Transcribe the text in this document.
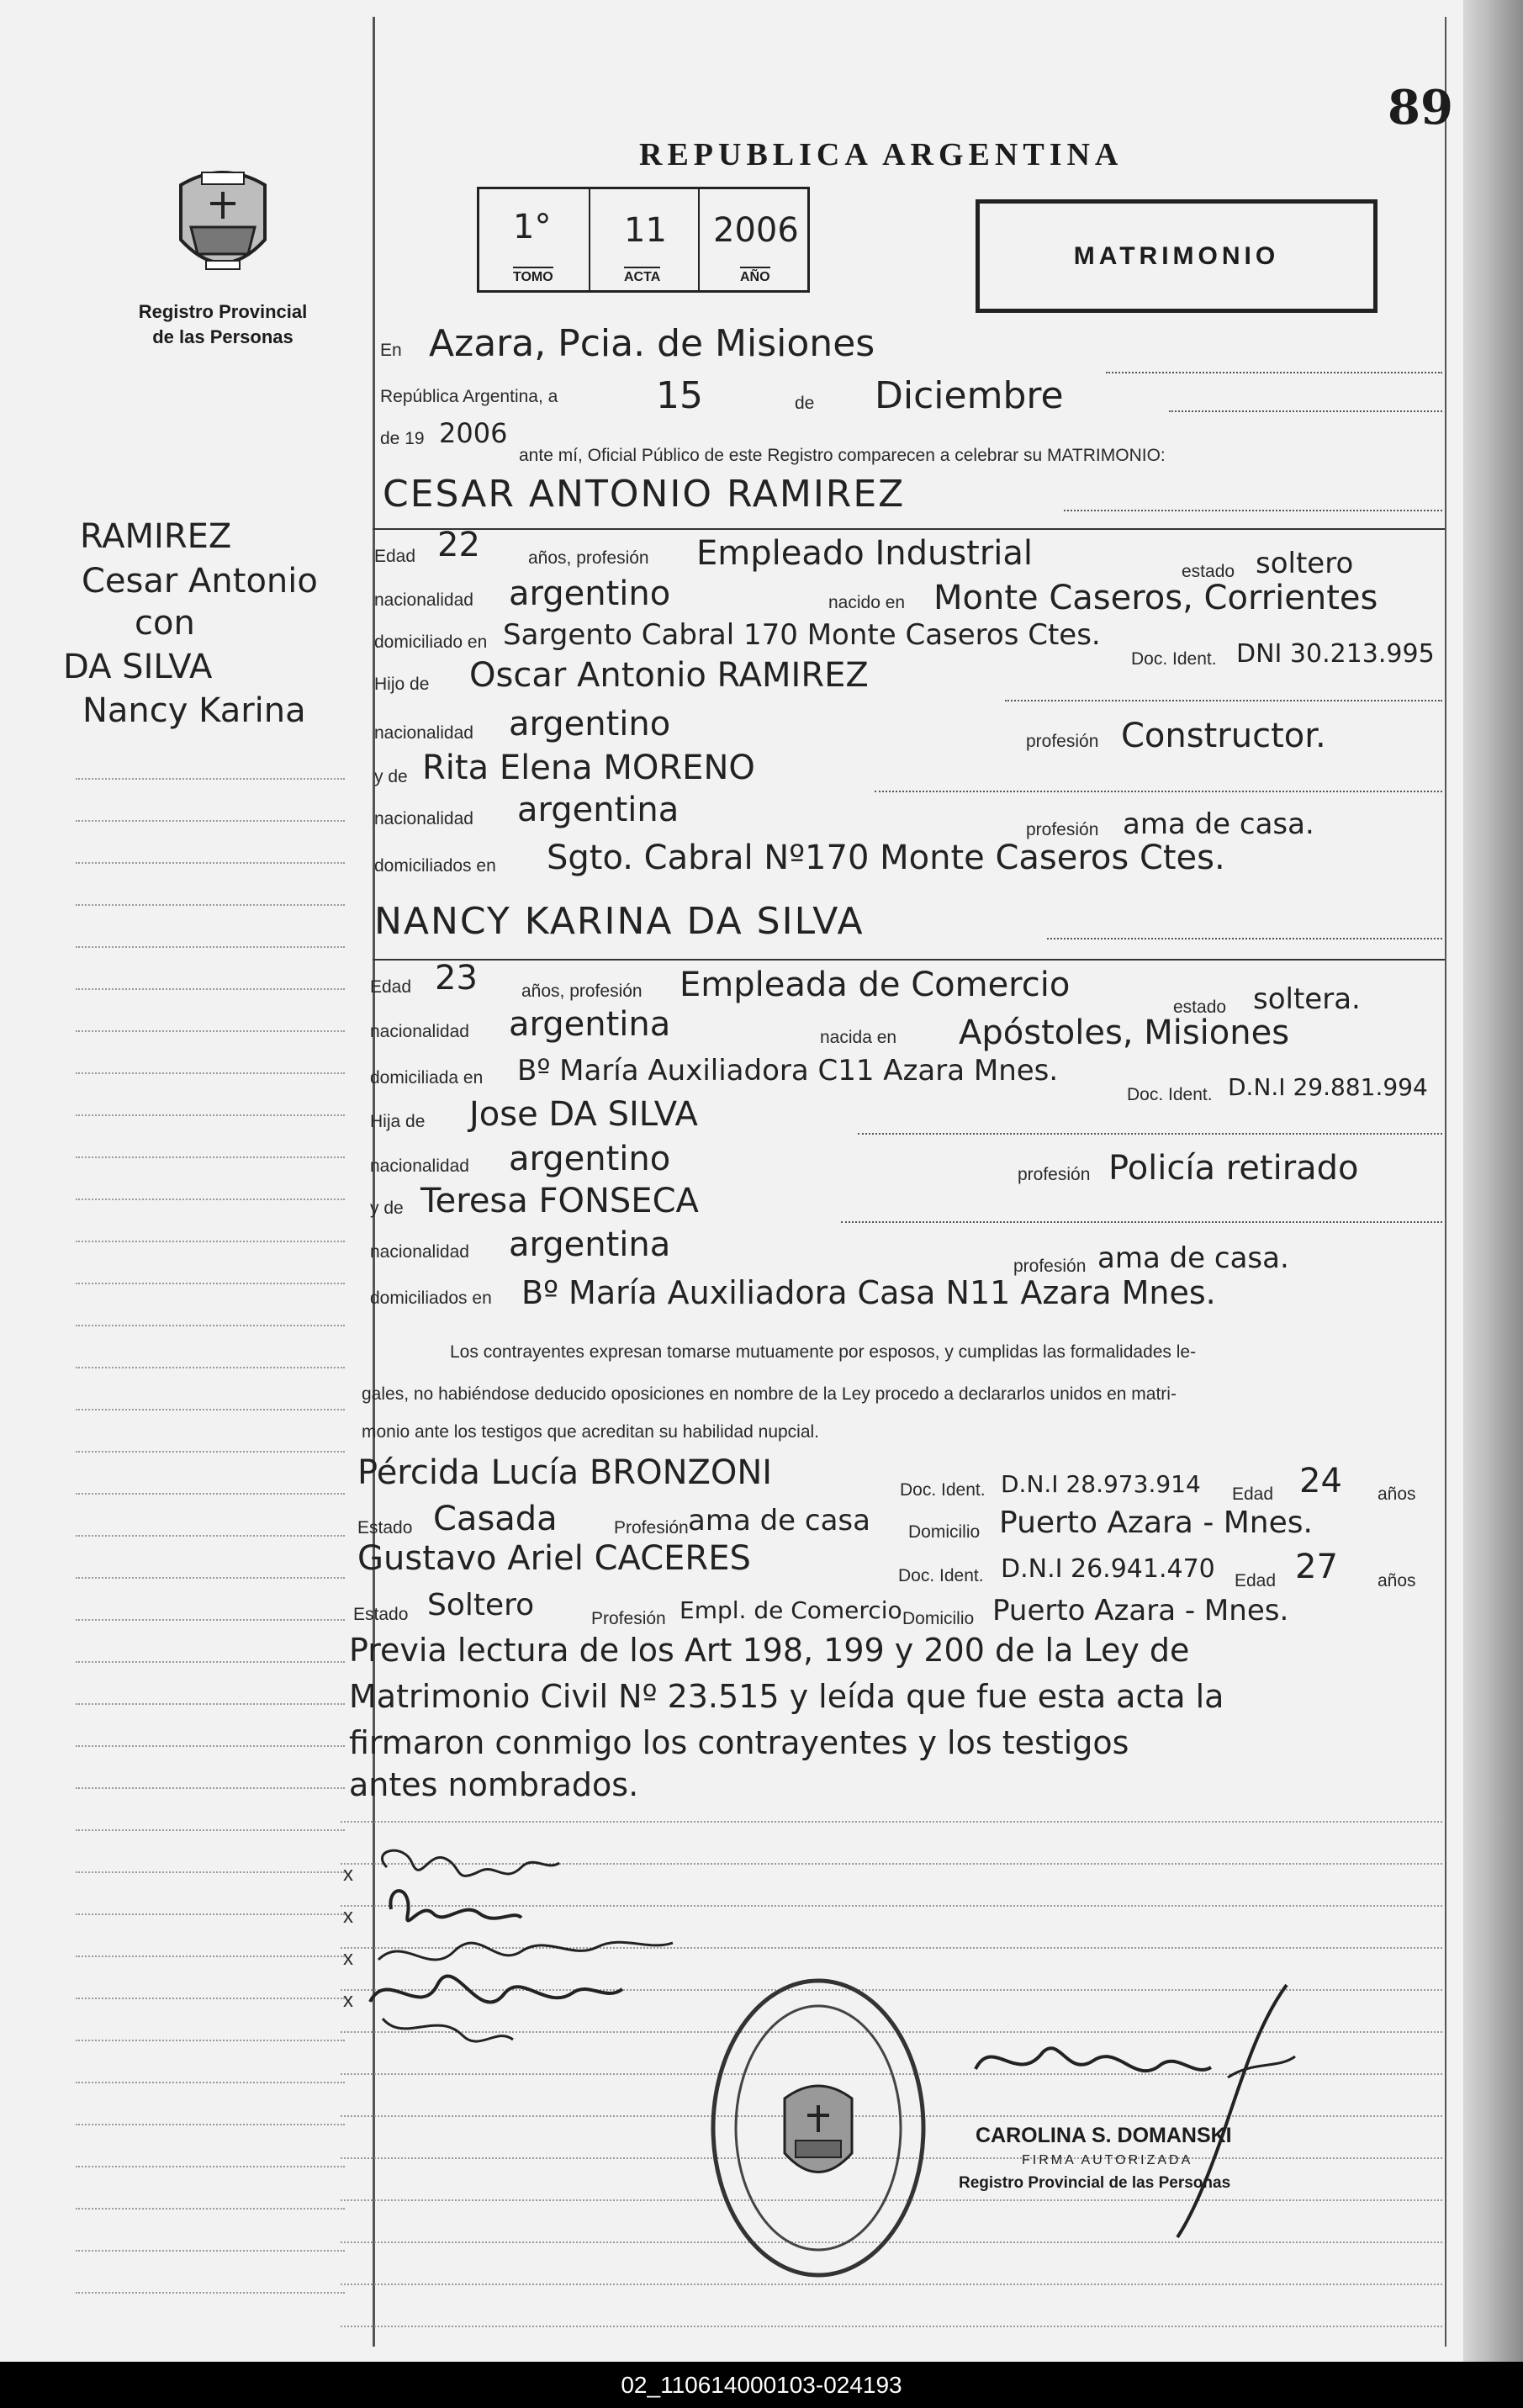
89
REPUBLICA ARGENTINA
Registro Provincial
de las Personas
1°
TOMO
11
ACTA
2006
AÑO
MATRIMONIO
RAMIREZ
Cesar Antonio
con
DA SILVA
Nancy Karina
En Azara, Pcia. de Misiones
República Argentina, a	15	de Diciembre
de 19 2006
ante mí, Oficial Público de este Registro comparecen a celebrar su MATRIMONIO:
CESAR ANTONIO RAMIREZ
Edad 22	años, profesión Empleado Industrial	estado soltero
nacionalidad argentino	nacido en Monte Caseros, Corrientes
domiciliado en Sargento Cabral 170 Monte Caseros Ctes.
Doc. Ident. DNI 30.213.995
Hijo de Oscar Antonio RAMIREZ
nacionalidad argentino	profesión Constructor.
y de Rita Elena MORENO
nacionalidad argentina
profesión ama de casa.
domiciliados en Sgto. Cabral Nº170 Monte Caseros Ctes.
NANCY KARINA DA SILVA
Edad 23 años, profesión Empleada de Comercio
estado soltera.
nacionalidad argentina	nacida en Apóstoles, Misiones
domiciliada en Bº María Auxiliadora C11 Azara Mnes.
Doc. Ident. D.N.I 29.881.994
Hija de Jose DA SILVA
nacionalidad argentino	profesión Policía retirado
y de Teresa FONSECA
nacionalidad argentina
profesión ama de casa.
domiciliados en Bº María Auxiliadora Casa N11 Azara Mnes.
Los contrayentes expresan tomarse mutuamente por esposos, y cumplidas las formalidades le-
gales, no habiéndose deducido oposiciones en nombre de la Ley procedo a declararlos unidos en matri-
monio ante los testigos que acreditan su habilidad nupcial.
Pércida Lucía BRONZONI	Doc. Ident. D.N.I 28.973.914 Edad 24 años
Estado Casada	Profesión ama de casa Domicilio Puerto Azara - Mnes.
Gustavo Ariel CACERES	Doc. Ident. D.N.I 26.941.470 Edad 27 años
Estado Soltero	Profesión Empl. de Comercio Domicilio Puerto Azara - Mnes.
Previa lectura de los Art 198, 199 y 200 de la Ley de
Matrimonio Civil Nº 23.515 y leída que fue esta acta la
firmaron conmigo los contrayentes y los testigos
antes nombrados.
x
x
x
x
CAROLINA S. DOMANSKI
FIRMA AUTORIZADA
Registro Provincial de las Personas
02_110614000103-024193
